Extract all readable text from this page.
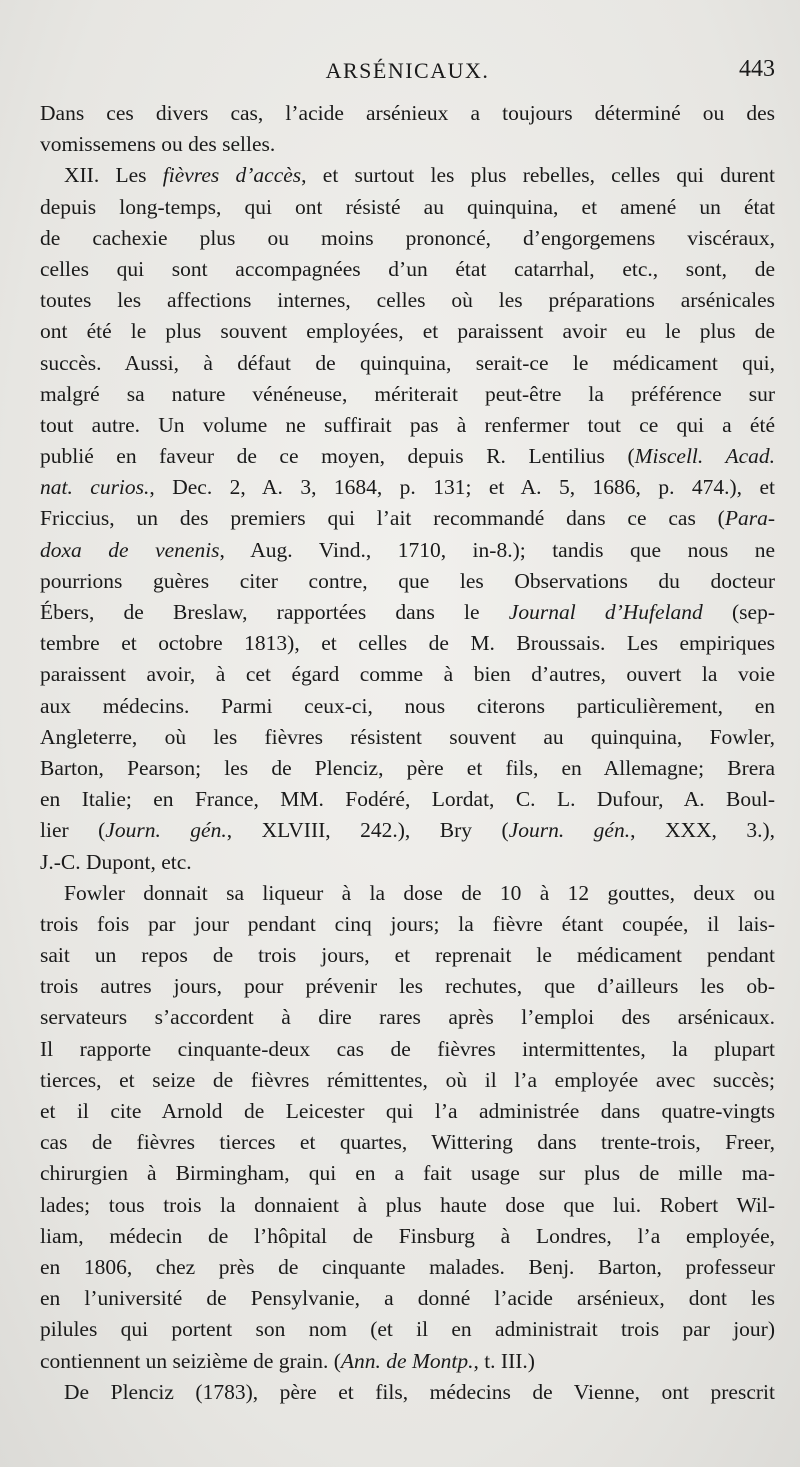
ARSÉNICAUX.	443
Dans ces divers cas, l’acide arsénieux a toujours déterminé ou des
vomissemens ou des selles.
XII. Les fièvres d’accès, et surtout les plus rebelles, celles qui durent
depuis long-temps, qui ont résisté au quinquina, et amené un état
de cachexie plus ou moins prononcé, d’engorgemens viscéraux,
celles qui sont accompagnées d’un état catarrhal, etc., sont, de
toutes les affections internes, celles où les préparations arsénicales
ont été le plus souvent employées, et paraissent avoir eu le plus de
succès. Aussi, à défaut de quinquina, serait-ce le médicament qui,
malgré sa nature vénéneuse, mériterait peut-être la préférence sur
tout autre. Un volume ne suffirait pas à renfermer tout ce qui a été
publié en faveur de ce moyen, depuis R. Lentilius (Miscell. Acad.
nat. curios., Dec. 2, A. 3, 1684, p. 131; et A. 5, 1686, p. 474.), et
Friccius, un des premiers qui l’ait recommandé dans ce cas (Para-
doxa de venenis, Aug. Vind., 1710, in-8.); tandis que nous ne
pourrions guères citer contre, que les Observations du docteur
Ébers, de Breslaw, rapportées dans le Journal d’Hufeland (sep-
tembre et octobre 1813), et celles de M. Broussais. Les empiriques
paraissent avoir, à cet égard comme à bien d’autres, ouvert la voie
aux médecins. Parmi ceux-ci, nous citerons particulièrement, en
Angleterre, où les fièvres résistent souvent au quinquina, Fowler,
Barton, Pearson; les de Plenciz, père et fils, en Allemagne; Brera
en Italie; en France, MM. Fodéré, Lordat, C. L. Dufour, A. Boul-
lier (Journ. gén., XLVIII, 242.), Bry (Journ. gén., XXX, 3.),
J.-C. Dupont, etc.
Fowler donnait sa liqueur à la dose de 10 à 12 gouttes, deux ou
trois fois par jour pendant cinq jours; la fièvre étant coupée, il lais-
sait un repos de trois jours, et reprenait le médicament pendant
trois autres jours, pour prévenir les rechutes, que d’ailleurs les ob-
servateurs s’accordent à dire rares après l’emploi des arsénicaux.
Il rapporte cinquante-deux cas de fièvres intermittentes, la plupart
tierces, et seize de fièvres rémittentes, où il l’a employée avec succès;
et il cite Arnold de Leicester qui l’a administrée dans quatre-vingts
cas de fièvres tierces et quartes, Wittering dans trente-trois, Freer,
chirurgien à Birmingham, qui en a fait usage sur plus de mille ma-
lades; tous trois la donnaient à plus haute dose que lui. Robert Wil-
liam, médecin de l’hôpital de Finsburg à Londres, l’a employée,
en 1806, chez près de cinquante malades. Benj. Barton, professeur
en l’université de Pensylvanie, a donné l’acide arsénieux, dont les
pilules qui portent son nom (et il en administrait trois par jour)
contiennent un seizième de grain. (Ann. de Montp., t. III.)
De Plenciz (1783), père et fils, médecins de Vienne, ont prescrit
